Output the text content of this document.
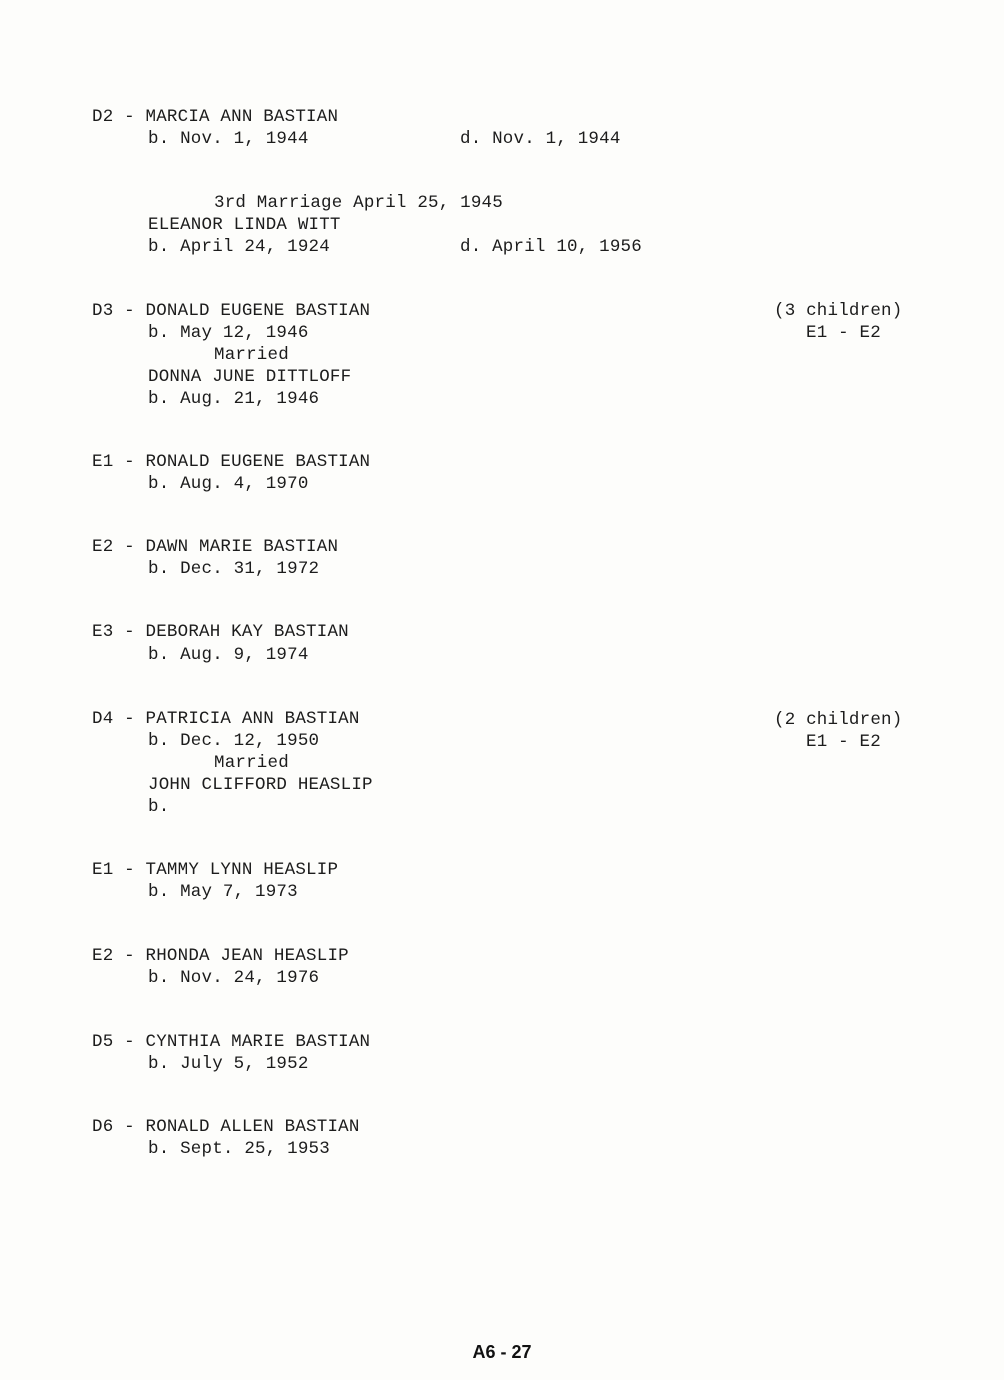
D2 - MARCIA ANN BASTIAN
b. Nov. 1, 1944	d. Nov. 1, 1944
3rd Marriage April 25, 1945
ELEANOR LINDA WITT
b. April 24, 1924	d. April 10, 1956
D3 - DONALD EUGENE BASTIAN
b. May 12, 1946
Married
DONNA JUNE DITTLOFF
b. Aug. 21, 1946
(3 children)
E1 - E2
E1 - RONALD EUGENE BASTIAN
b. Aug. 4, 1970
E2 - DAWN MARIE BASTIAN
b. Dec. 31, 1972
E3 - DEBORAH KAY BASTIAN
b. Aug. 9, 1974
D4 - PATRICIA ANN BASTIAN
b. Dec. 12, 1950
Married
JOHN CLIFFORD HEASLIP
b.
(2 children)
E1 - E2
E1 - TAMMY LYNN HEASLIP
b. May 7, 1973
E2 - RHONDA JEAN HEASLIP
b. Nov. 24, 1976
D5 - CYNTHIA MARIE BASTIAN
b. July 5, 1952
D6 - RONALD ALLEN BASTIAN
b. Sept. 25, 1953
A6 - 27
